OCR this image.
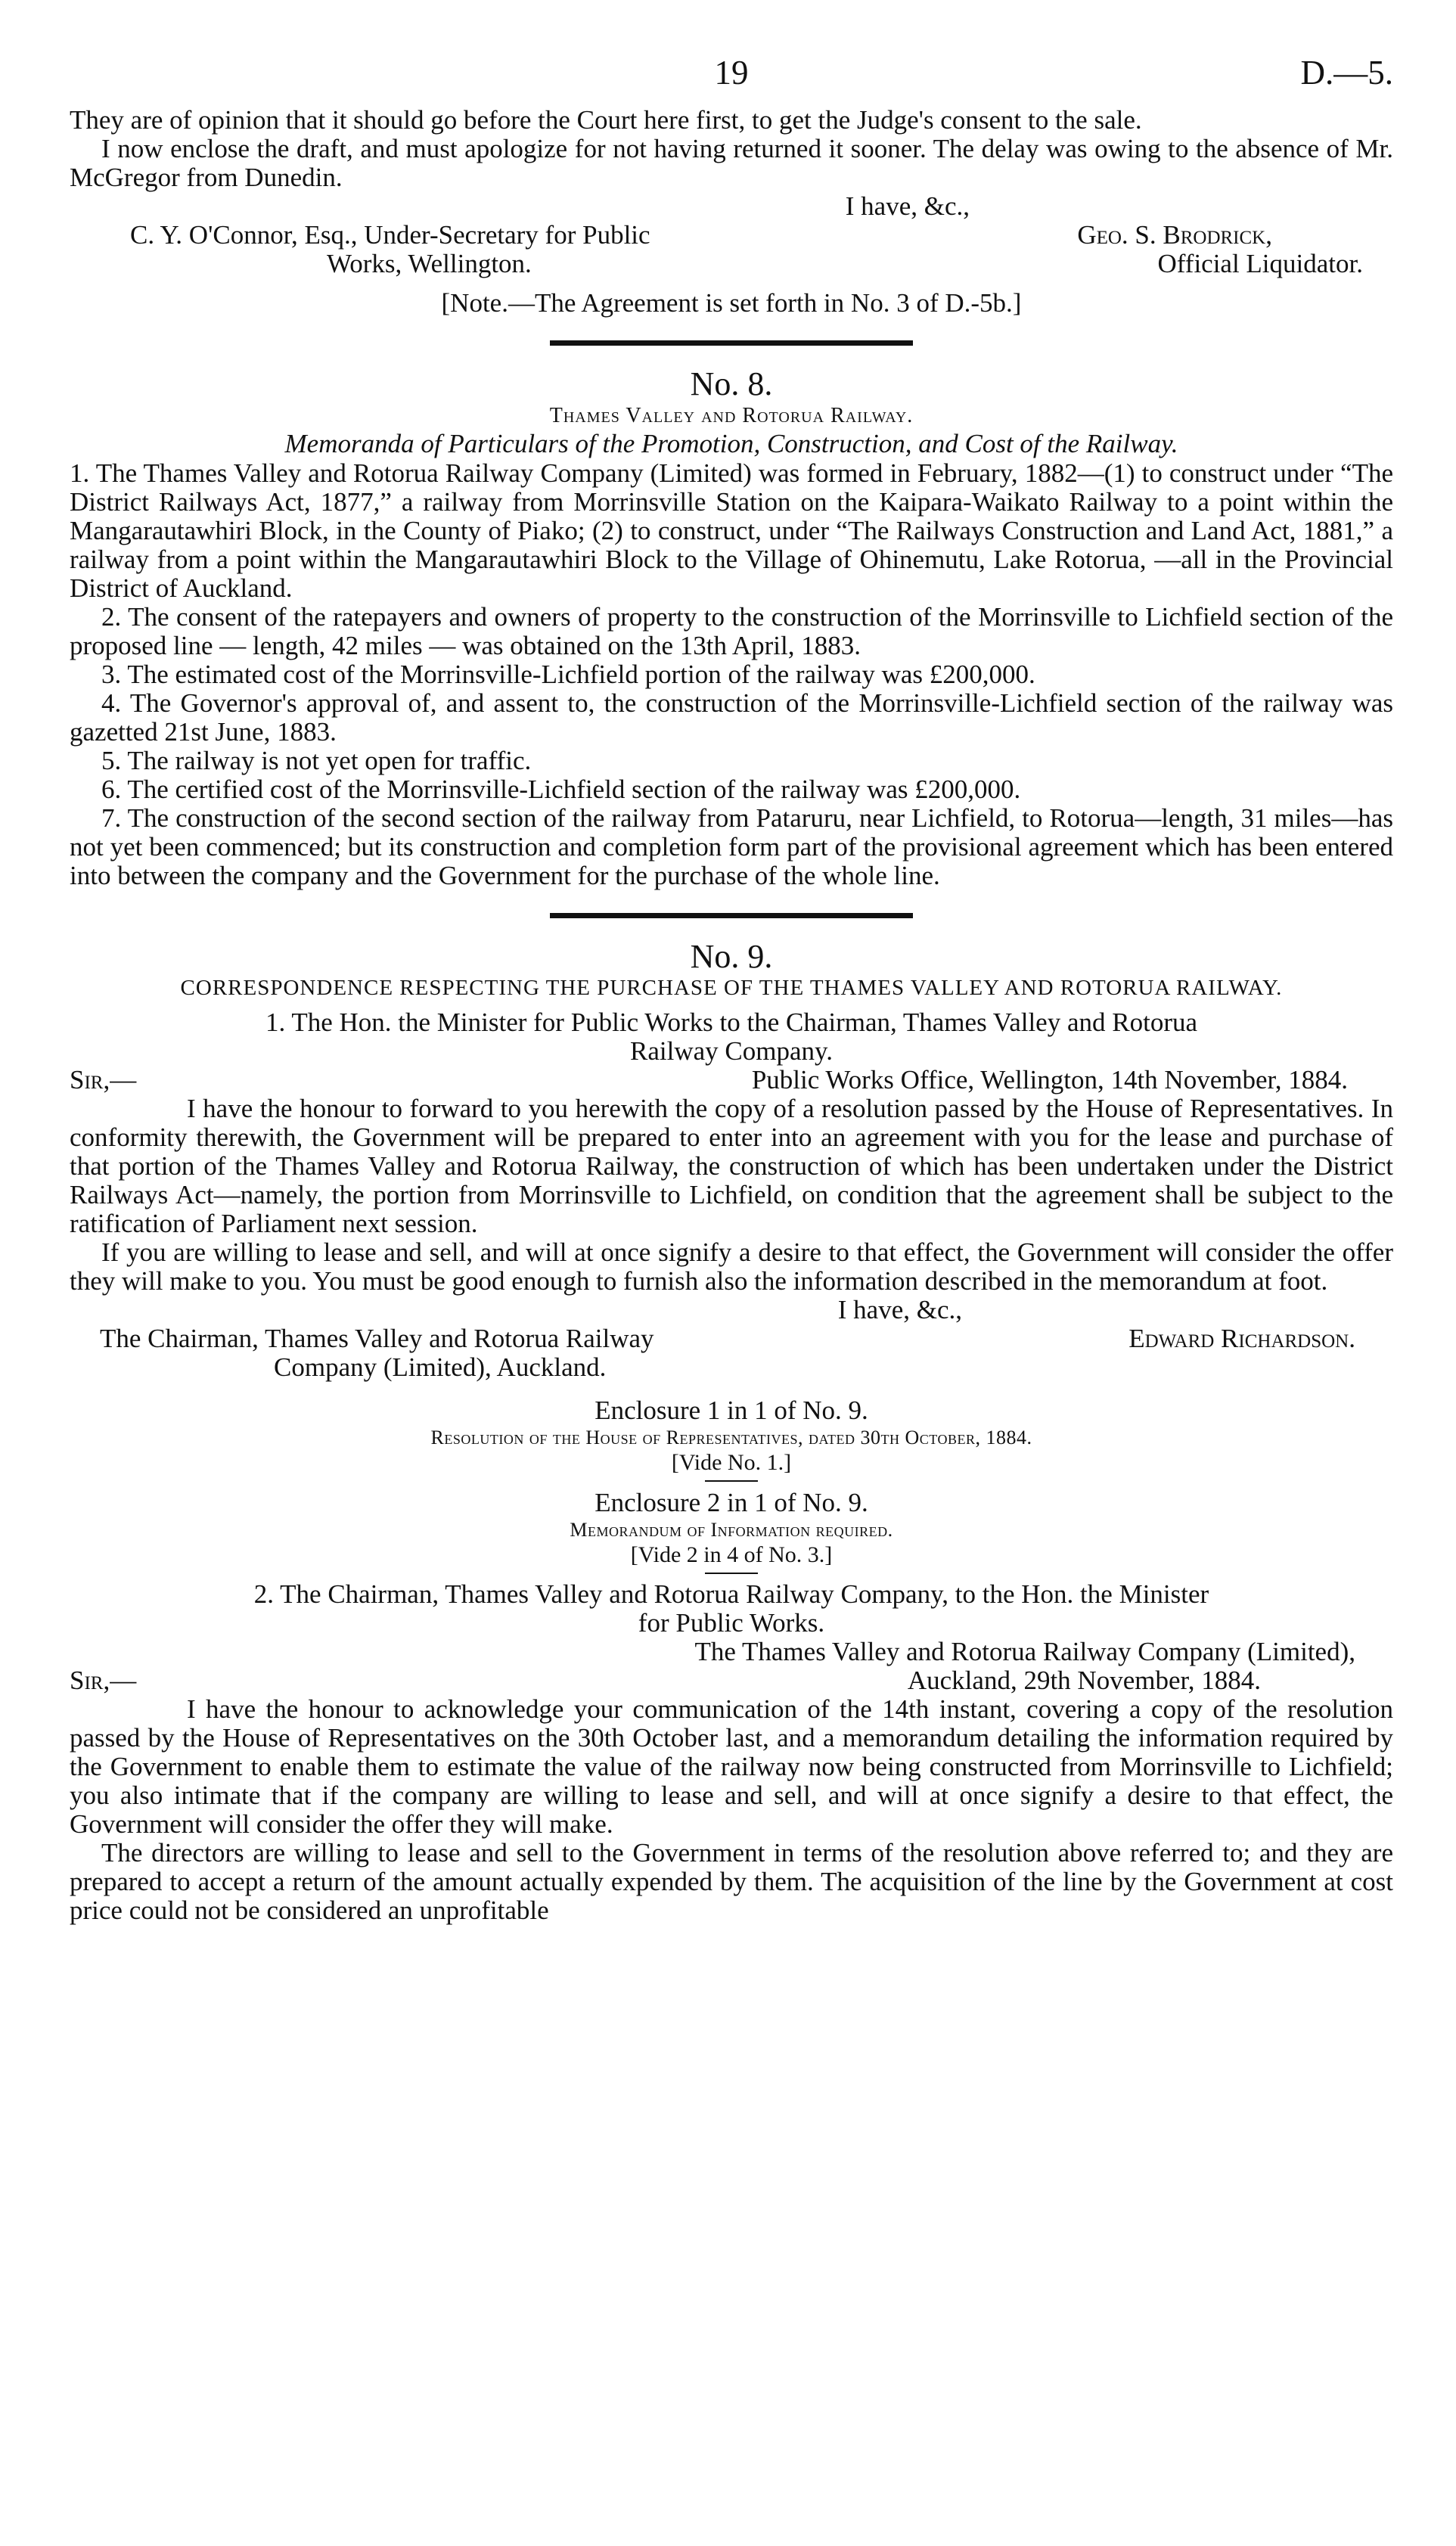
19	D.—5.

They are of opinion that it should go before the Court here first, to get the Judge's consent to the sale.

I now enclose the draft, and must apologize for not having returned it sooner. The delay was owing to the absence of Mr. McGregor from Dunedin.

I have, &c.,
C. Y. O'Connor, Esq., Under-Secretary for Public	Geo. S. Brodrick,
Works, Wellington.	Official Liquidator.

[Note.—The Agreement is set forth in No. 3 of D.-5b.]

No. 8.

Thames Valley and Rotorua Railway.

Memoranda of Particulars of the Promotion, Construction, and Cost of the Railway.

1. The Thames Valley and Rotorua Railway Company (Limited) was formed in February, 1882—(1) to construct under “The District Railways Act, 1877,” a railway from Morrinsville Station on the Kaipara-Waikato Railway to a point within the Mangarautawhiri Block, in the County of Piako; (2) to construct, under “The Railways Construction and Land Act, 1881,” a railway from a point within the Mangarautawhiri Block to the Village of Ohinemutu, Lake Rotorua, —all in the Provincial District of Auckland.

2. The consent of the ratepayers and owners of property to the construction of the Morrinsville to Lichfield section of the proposed line — length, 42 miles — was obtained on the 13th April, 1883.

3. The estimated cost of the Morrinsville-Lichfield portion of the railway was £200,000.

4. The Governor's approval of, and assent to, the construction of the Morrinsville-Lichfield section of the railway was gazetted 21st June, 1883.

5. The railway is not yet open for traffic.

6. The certified cost of the Morrinsville-Lichfield section of the railway was £200,000.

7. The construction of the second section of the railway from Pataruru, near Lichfield, to Rotorua—length, 31 miles—has not yet been commenced; but its construction and completion form part of the provisional agreement which has been entered into between the company and the Government for the purchase of the whole line.

No. 9.

CORRESPONDENCE RESPECTING THE PURCHASE OF THE THAMES VALLEY AND ROTORUA RAILWAY.

1. The Hon. the Minister for Public Works to the Chairman, Thames Valley and Rotorua

Railway Company.

Sir,—	Public Works Office, Wellington, 14th November, 1884.

I have the honour to forward to you herewith the copy of a resolution passed by the House of Representatives. In conformity therewith, the Government will be prepared to enter into an agreement with you for the lease and purchase of that portion of the Thames Valley and Rotorua Railway, the construction of which has been undertaken under the District Railways Act—namely, the portion from Morrinsville to Lichfield, on condition that the agreement shall be subject to the ratification of Parliament next session.

If you are willing to lease and sell, and will at once signify a desire to that effect, the Government will consider the offer they will make to you. You must be good enough to furnish also the information described in the memorandum at foot.

I have, &c.,
The Chairman, Thames Valley and Rotorua Railway	Edward Richardson.
Company (Limited), Auckland.

Enclosure 1 in 1 of No. 9.

Resolution of the House of Representatives, dated 30th October, 1884.

[Vide No. 1.]

Enclosure 2 in 1 of No. 9.

Memorandum of Information required.

[Vide 2 in 4 of No. 3.]

2. The Chairman, Thames Valley and Rotorua Railway Company, to the Hon. the Minister

for Public Works.

The Thames Valley and Rotorua Railway Company (Limited),
Sir,—	Auckland, 29th November, 1884.

I have the honour to acknowledge your communication of the 14th instant, covering a copy of the resolution passed by the House of Representatives on the 30th October last, and a memorandum detailing the information required by the Government to enable them to estimate the value of the railway now being constructed from Morrinsville to Lichfield; you also intimate that if the company are willing to lease and sell, and will at once signify a desire to that effect, the Government will consider the offer they will make.

The directors are willing to lease and sell to the Government in terms of the resolution above referred to; and they are prepared to accept a return of the amount actually expended by them. The acquisition of the line by the Government at cost price could not be considered an unprofitable
